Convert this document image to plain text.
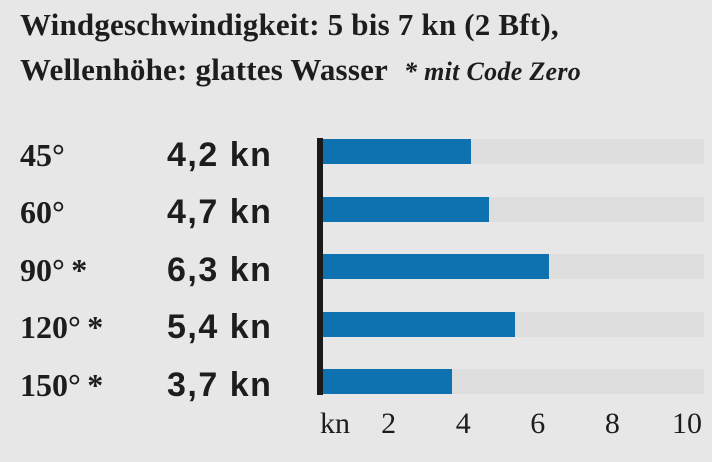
Windgeschwindigkeit: 5 bis 7 kn (2 Bft),
Wellenhöhe: glattes Wasser * mit Code Zero
45°	4,2 kn
60°	4,7 kn
90° * 6,3 kn
120° * 5,4 kn
150° * 3,7 kn
kn 2 4 6 8 10
